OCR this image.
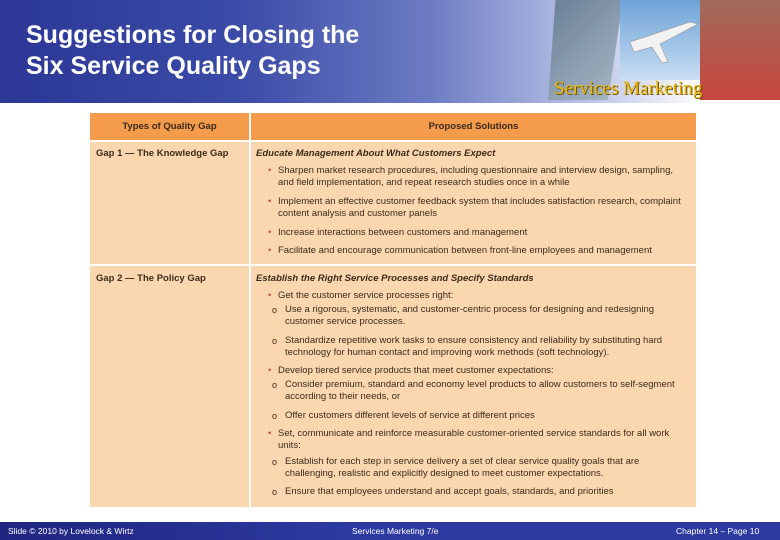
Suggestions for Closing the
Six Service Quality Gaps
Services Marketing
Types of Quality Gap	Proposed Solutions
Gap 1 — The Knowledge Gap	Educate Management About What Customers Expect
• Sharpen market research procedures, including questionnaire and interview design, sampling,
and field implementation, and repeat research studies once in a while
• Implement an effective customer feedback system that includes satisfaction research, complaint
content analysis and customer panels
• Increase interactions between customers and management
• Facilitate and encourage communication between front-line employees and management
Gap 2 — The Policy Gap	Establish the Right Service Processes and Specify Standards
• Get the customer service processes right:
o Use a rigorous, systematic, and customer-centric process for designing and redesigning
customer service processes.
o Standardize repetitive work tasks to ensure consistency and reliability by substituting hard
technology for human contact and improving work methods (soft technology).
• Develop tiered service products that meet customer expectations:
o Consider premium, standard and economy level products to allow customers to self-segment
according to their needs, or
o Offer customers different levels of service at different prices
• Set, communicate and reinforce measurable customer-oriented service standards for all work
units:
o Establish for each step in service delivery a set of clear service quality goals that are
challenging, realistic and explicitly designed to meet customer expectations.
o Ensure that employees understand and accept goals, standards, and priorities
Slide © 2010 by Lovelock & Wirtz	Services Marketing 7/e	Chapter 14 – Page 10
